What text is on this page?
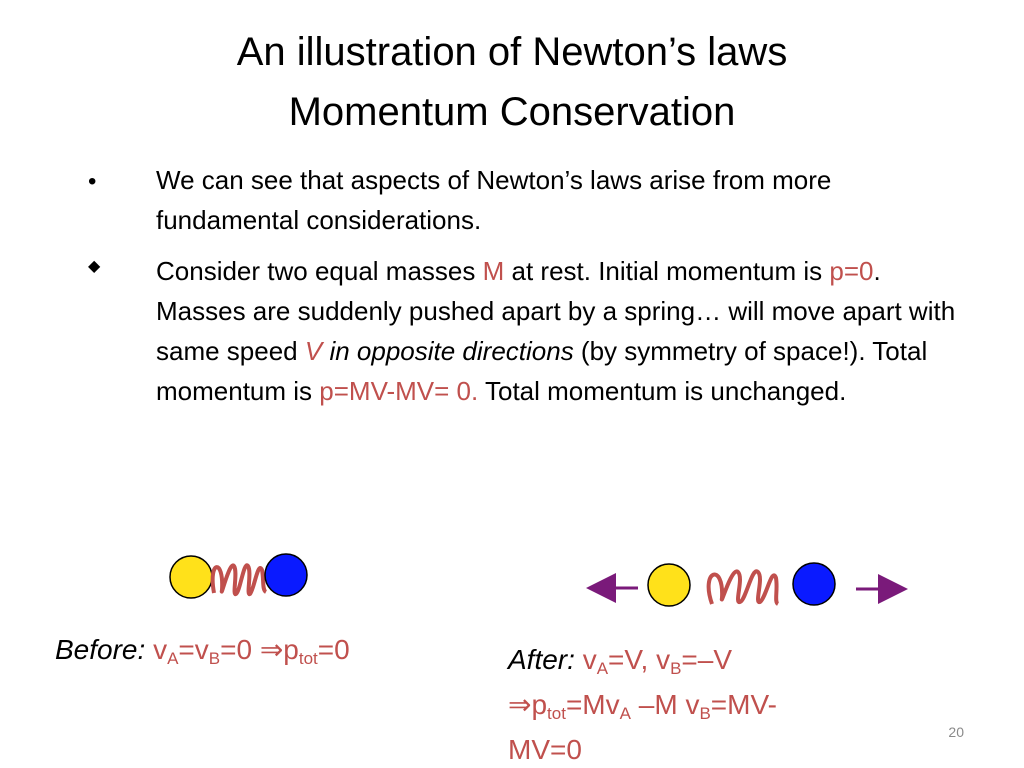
An illustration of Newton’s laws
Momentum Conservation
• We can see that aspects of Newton’s laws arise from more fundamental considerations.
◆ Consider two equal masses M at rest. Initial momentum is p=0. Masses are suddenly pushed apart by a spring… will move apart with same speed V in opposite directions (by symmetry of space!). Total momentum is p=MV-MV= 0. Total momentum is unchanged.
Before: $v_A=v_B=0$ $\Rightarrow p_{tot}=0$	After: $v_A=V$, $v_B=-V$
$\Rightarrow p_{tot}=Mv_A$ –M $v_B=MV-$
MV=0
20
